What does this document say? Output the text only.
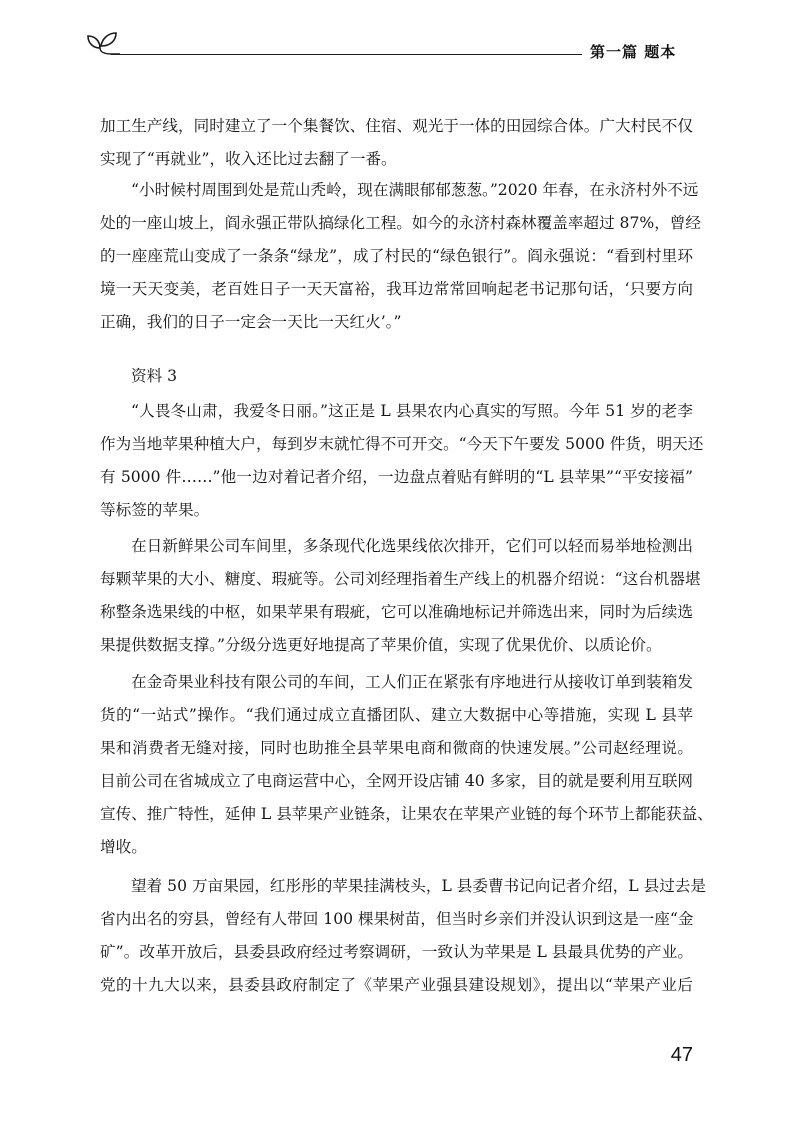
第一篇 题本
加工生产线，同时建立了一个集餐饮、住宿、观光于一体的田园综合体。广大村民不仅
实现了“再就业”，收入还比过去翻了一番。
“小时候村周围到处是荒山秃岭，现在满眼郁郁葱葱。”2020 年春，在永济村外不远
处的一座山坡上，阎永强正带队搞绿化工程。如今的永济村森林覆盖率超过 87%，曾经
的一座座荒山变成了一条条“绿龙”，成了村民的“绿色银行”。阎永强说：“看到村里环
境一天天变美，老百姓日子一天天富裕，我耳边常常回响起老书记那句话，‘只要方向
正确，我们的日子一定会一天比一天红火’。”
资料 3
“人畏冬山肃，我爱冬日丽。”这正是 L 县果农内心真实的写照。今年 51 岁的老李
作为当地苹果种植大户，每到岁末就忙得不可开交。“今天下午要发 5000 件货，明天还
有 5000 件……”他一边对着记者介绍，一边盘点着贴有鲜明的“L 县苹果”“平安接福”
等标签的苹果。
在日新鲜果公司车间里，多条现代化选果线依次排开，它们可以轻而易举地检测出
每颗苹果的大小、糖度、瑕疵等。公司刘经理指着生产线上的机器介绍说：“这台机器堪
称整条选果线的中枢，如果苹果有瑕疵，它可以准确地标记并筛选出来，同时为后续选
果提供数据支撑。”分级分选更好地提高了苹果价值，实现了优果优价、以质论价。
在金奇果业科技有限公司的车间，工人们正在紧张有序地进行从接收订单到装箱发
货的“一站式”操作。“我们通过成立直播团队、建立大数据中心等措施，实现 L 县苹
果和消费者无缝对接，同时也助推全县苹果电商和微商的快速发展。”公司赵经理说。
目前公司在省城成立了电商运营中心，全网开设店铺 40 多家，目的就是要利用互联网
宣传、推广特性，延伸 L 县苹果产业链条，让果农在苹果产业链的每个环节上都能获益、
增收。
望着 50 万亩果园，红彤彤的苹果挂满枝头，L 县委曹书记向记者介绍，L 县过去是
省内出名的穷县，曾经有人带回 100 棵果树苗，但当时乡亲们并没认识到这是一座“金
矿”。改革开放后，县委县政府经过考察调研，一致认为苹果是 L 县最具优势的产业。
党的十九大以来，县委县政府制定了《苹果产业强县建设规划》，提出以“苹果产业后
47
